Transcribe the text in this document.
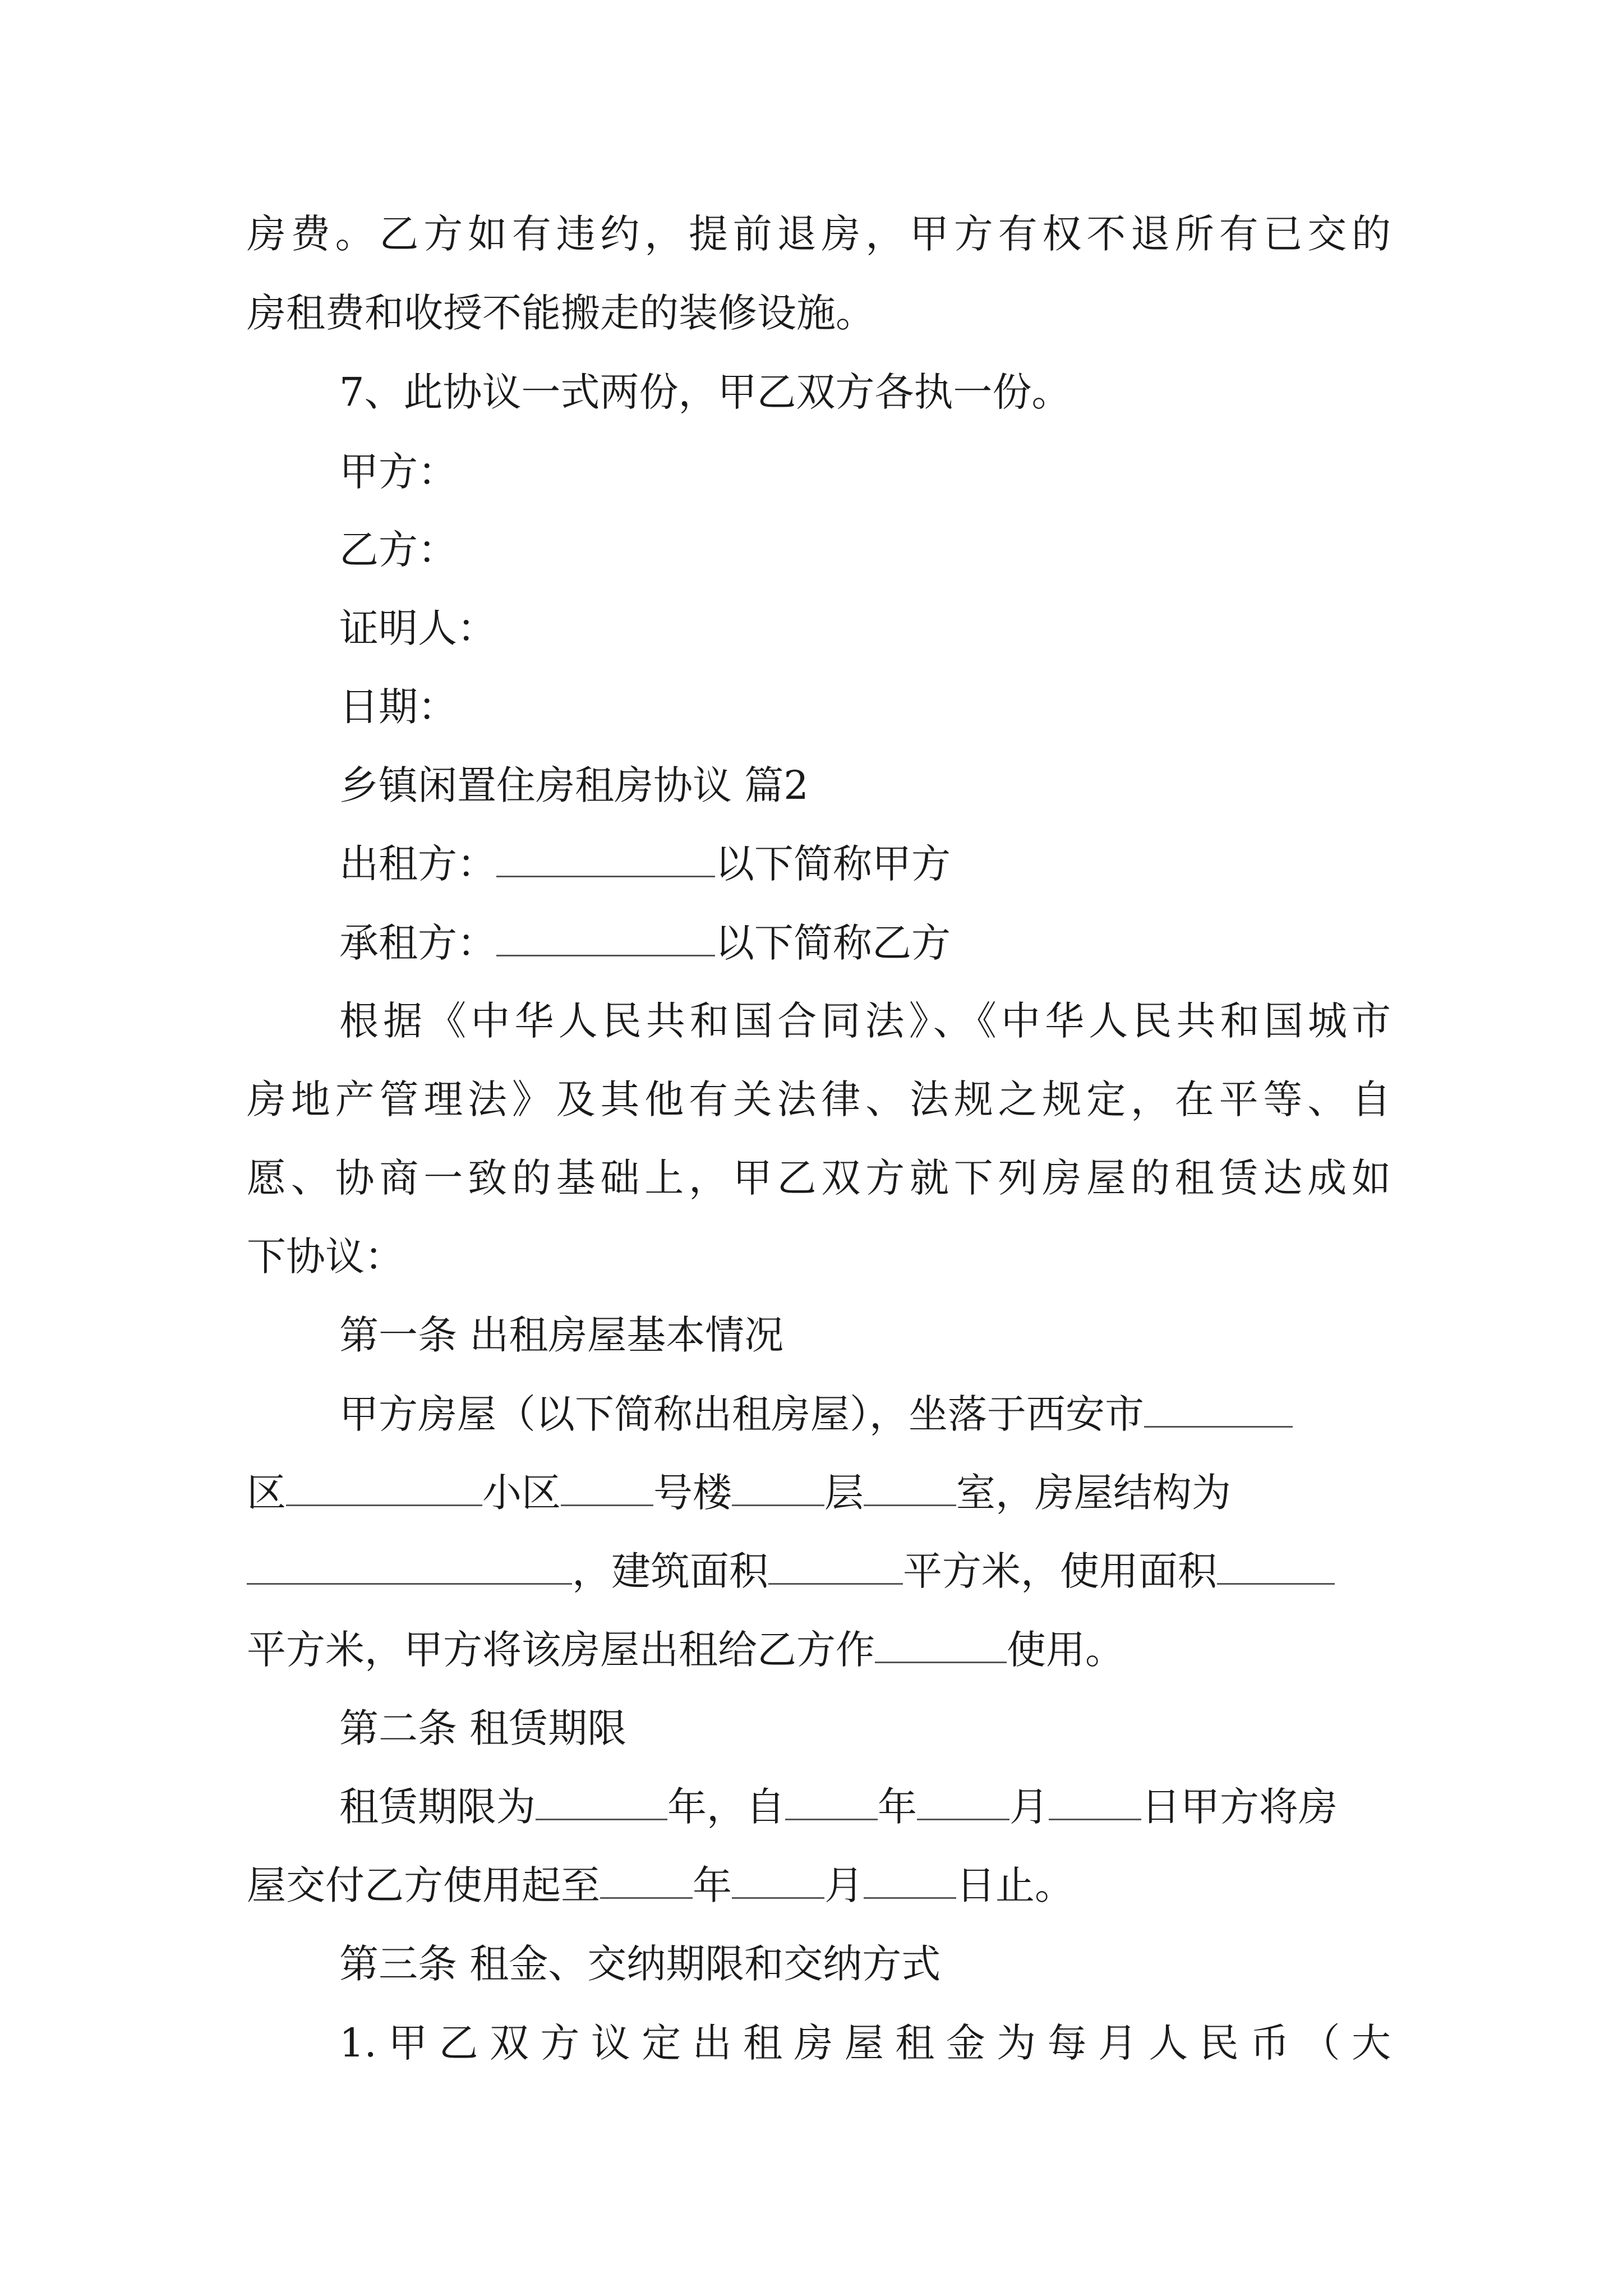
房费。乙方如有违约，提前退房，甲方有权不退所有已交的
房租费和收授不能搬走的装修设施。
7、此协议一式两份，甲乙双方各执一份。
甲方：
乙方：
证明人：
日期：
乡镇闲置住房租房协议 篇2
出租方：	以下简称甲方
承租方：	以下简称乙方
根据《中华人民共和国合同法》、《中华人民共和国城市
房地产管理法》及其他有关法律、法规之规定，在平等、自
愿、协商一致的基础上，甲乙双方就下列房屋的租赁达成如
下协议：
第一条 出租房屋基本情况
甲方房屋（以下简称出租房屋），坐落于西安市
区	小区 号楼 层 室，房屋结构为
，建筑面积	平方米，使用面积
平方米，甲方将该房屋出租给乙方作	使用。
第二条 租赁期限
租赁期限为	年，自 年 月 日甲方将房
屋交付乙方使用起至 年 月 日止。
第三条 租金、交纳期限和交纳方式
1.甲乙双方议定出租房屋租金为每月人民币（大
